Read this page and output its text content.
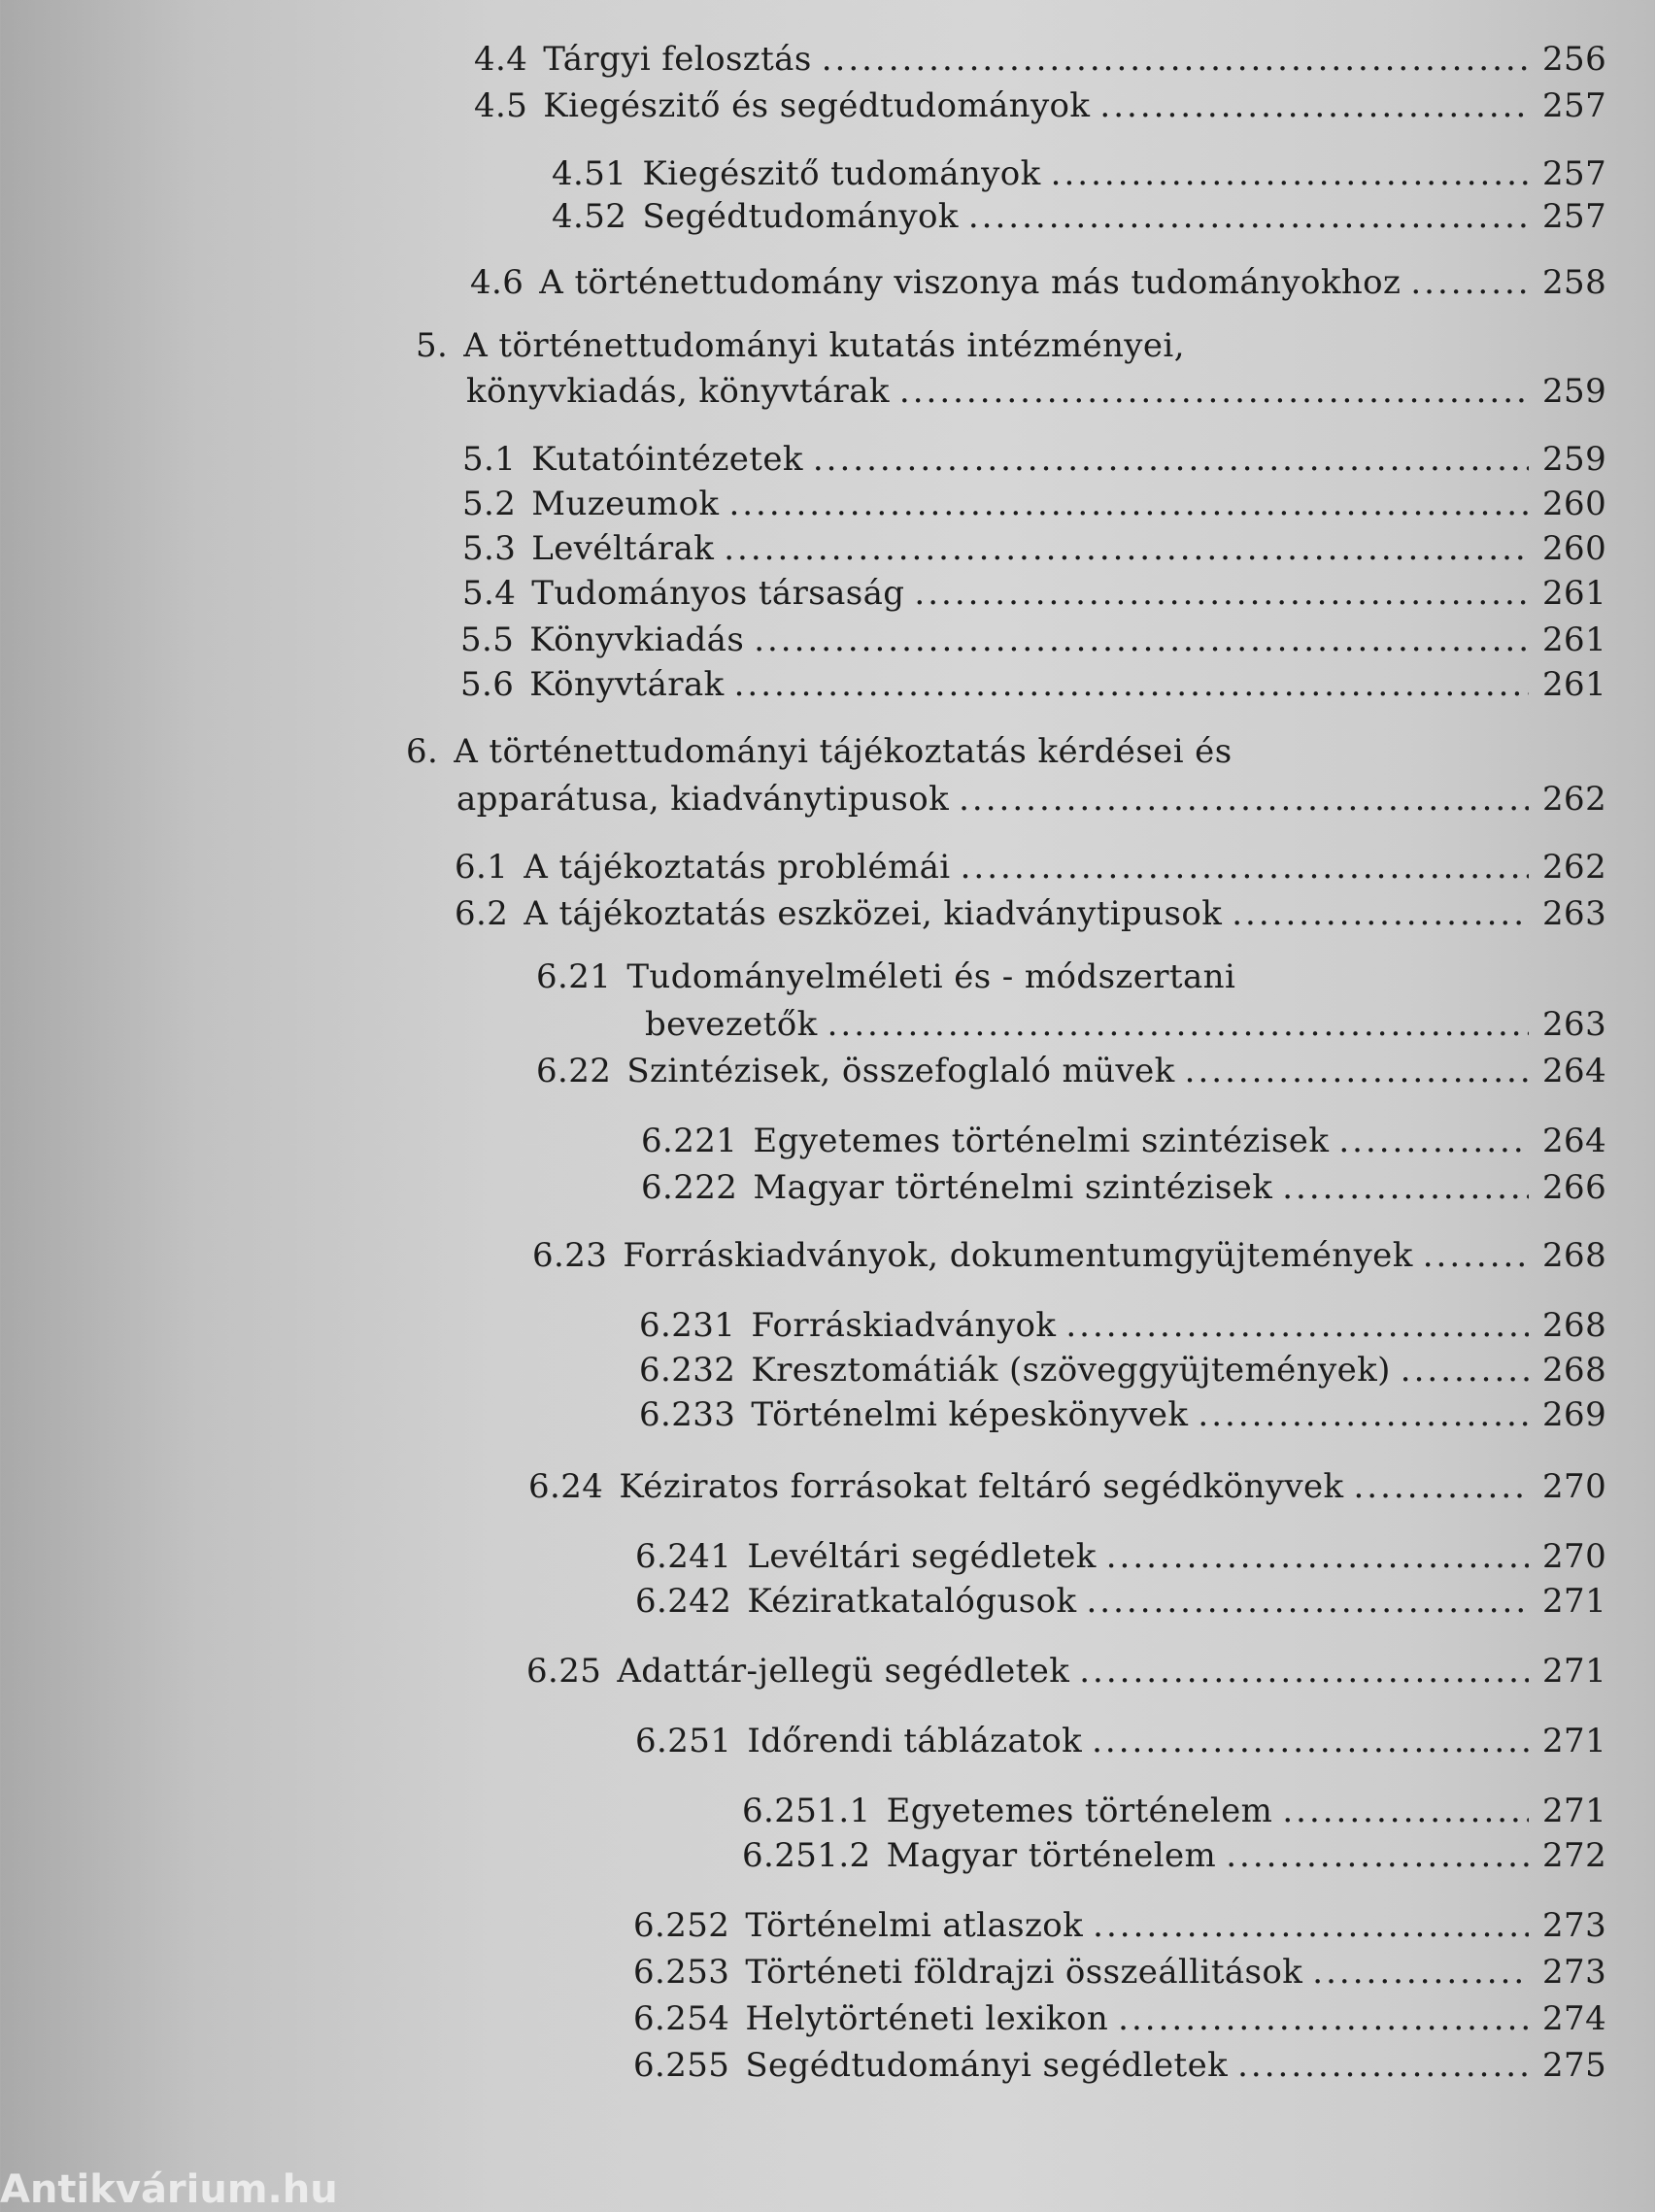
4.4 Tárgyi felosztás .....	256
4.5 Kiegészitő és segédtudományok .....	257
4.51 Kiegészitő tudományok .....	257
4.52 Segédtudományok .....	257
4.6 A történettudomány viszonya más tudományokhoz .....	258
5. A történettudományi kutatás intézményei,
könyvkiadás, könyvtárak .....	259
5.1 Kutatóintézetek .....	259
5.2 Muzeumok .....	260
5.3 Levéltárak .....	260
5.4 Tudományos társaság .....	261
5.5 Könyvkiadás .....	261
5.6 Könyvtárak .....	261
6. A történettudományi tájékoztatás kérdései és
apparátusa, kiadványtipusok .....	262
6.1 A tájékoztatás problémái .....	262
6.2 A tájékoztatás eszközei, kiadványtipusok .....	263
6.21 Tudományelméleti és - módszertani
bevezetők .....	263
6.22 Szintézisek, összefoglaló müvek .....	264
6.221 Egyetemes történelmi szintézisek .....	264
6.222 Magyar történelmi szintézisek .....	266
6.23 Forráskiadványok, dokumentumgyüjtemények .....	268
6.231 Forráskiadványok .....	268
6.232 Kresztomátiák (szöveggyüjtemények) .....	268
6.233 Történelmi képeskönyvek .....	269
6.24 Kéziratos forrásokat feltáró segédkönyvek .....	270
6.241 Levéltári segédletek .....	270
6.242 Kéziratkatalógusok .....	271
6.25 Adattár-jellegü segédletek .....	271
6.251 Időrendi táblázatok .....	271
6.251.1 Egyetemes történelem .....	271
6.251.2 Magyar történelem .....	272
6.252 Történelmi atlaszok .....	273
6.253 Történeti földrajzi összeállitások .....	273
6.254 Helytörténeti lexikon .....	274
6.255 Segédtudományi segédletek .....	275
Antikvárium.hu
